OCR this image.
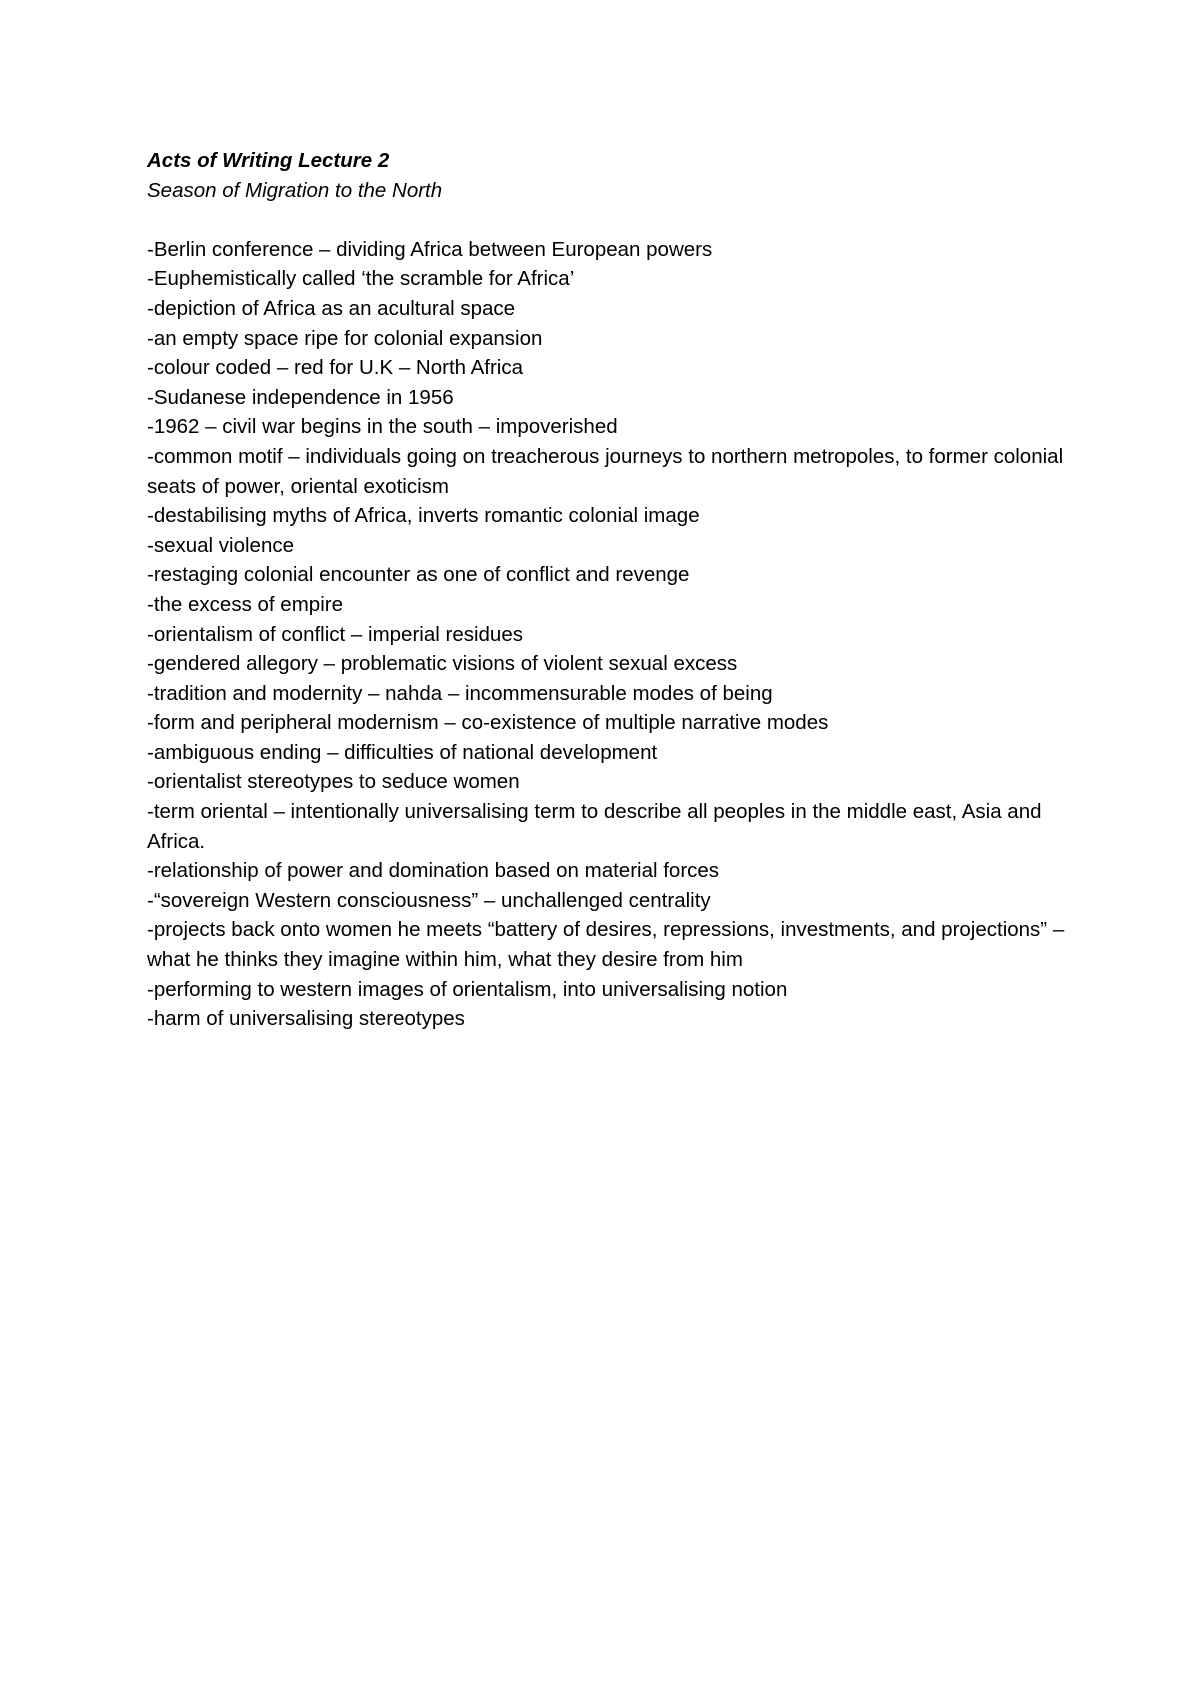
Acts of Writing Lecture 2

Season of Migration to the North

-Berlin conference – dividing Africa between European powers
-Euphemistically called ‘the scramble for Africa’
-depiction of Africa as an acultural space
-an empty space ripe for colonial expansion
-colour coded – red for U.K – North Africa
-Sudanese independence in 1956
-1962 – civil war begins in the south – impoverished
-common motif – individuals going on treacherous journeys to northern metropoles, to former colonial seats of power, oriental exoticism
-destabilising myths of Africa, inverts romantic colonial image
-sexual violence
-restaging colonial encounter as one of conflict and revenge
-the excess of empire
-orientalism of conflict – imperial residues
-gendered allegory – problematic visions of violent sexual excess
-tradition and modernity – nahda – incommensurable modes of being
-form and peripheral modernism – co-existence of multiple narrative modes
-ambiguous ending – difficulties of national development
-orientalist stereotypes to seduce women
-term oriental – intentionally universalising term to describe all peoples in the middle east, Asia and Africa.
-relationship of power and domination based on material forces
-“sovereign Western consciousness” – unchallenged centrality
-projects back onto women he meets “battery of desires, repressions, investments, and projections” – what he thinks they imagine within him, what they desire from him
-performing to western images of orientalism, into universalising notion
-harm of universalising stereotypes
